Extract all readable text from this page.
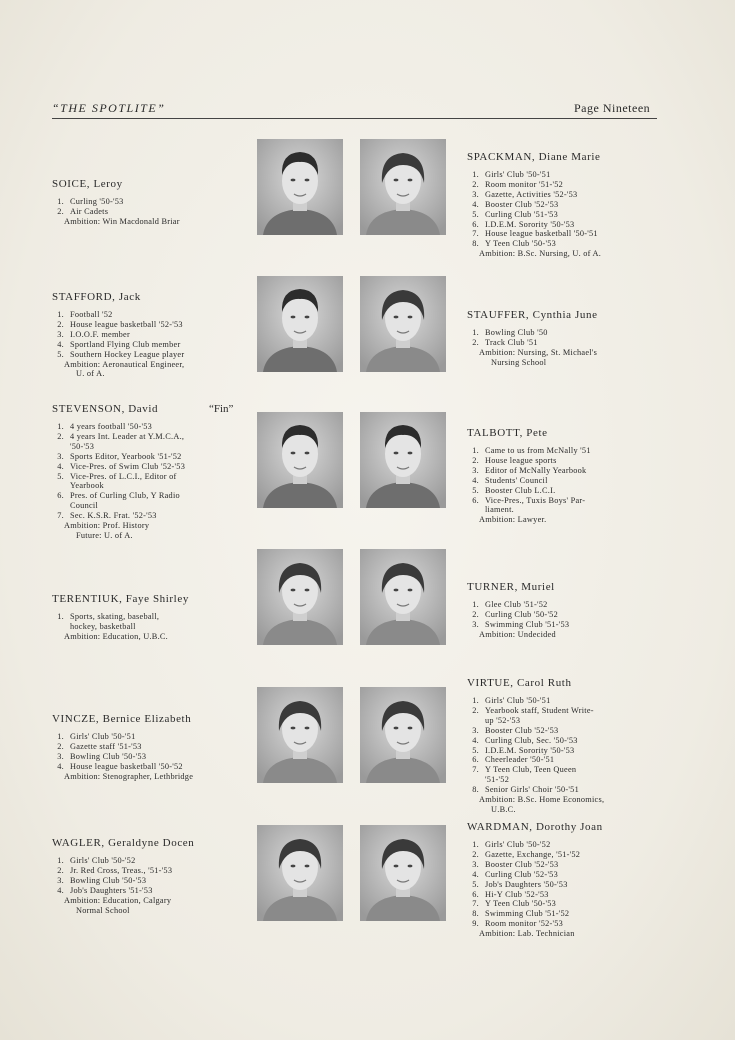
“THE SPOTLITE”	Page Nineteen
SOICE, Leroy
1. Curling '50-'53
2. Air Cadets
Ambition: Win Macdonald Briar
SPACKMAN, Diane Marie
1. Girls' Club '50-'51
2. Room monitor '51-'52
3. Gazette, Activities '52-'53
4. Booster Club '52-'53
5. Curling Club '51-'53
6. I.D.E.M. Sorority '50-'53
7. House league basketball '50-'51
8. Y Teen Club '50-'53
Ambition: B.Sc. Nursing, U. of A.
STAFFORD, Jack
1. Football '52
2. House league basketball '52-'53
3. I.O.O.F. member
4. Sportland Flying Club member
5. Southern Hockey League player
Ambition: Aeronautical Engineer,
U. of A.
STAUFFER, Cynthia June
1. Bowling Club '50
2. Track Club '51
Ambition: Nursing, St. Michael's
Nursing School
STEVENSON, David	“Fin”
1. 4 years football '50-'53
2. 4 years Int. Leader at Y.M.C.A.,
'50-'53
3. Sports Editor, Yearbook '51-'52
4. Vice-Pres. of Swim Club '52-'53
5. Vice-Pres. of L.C.I., Editor of
Yearbook
6. Pres. of Curling Club, Y Radio
Council
7. Sec. K.S.R. Frat. '52-'53
Ambition: Prof. History
Future: U. of A.
TALBOTT, Pete
1. Came to us from McNally '51
2. House league sports
3. Editor of McNally Yearbook
4. Students' Council
5. Booster Club L.C.I.
6. Vice-Pres., Tuxis Boys' Par-
liament.
Ambition: Lawyer.
TERENTIUK, Faye Shirley
1. Sports, skating, baseball,
hockey, basketball
Ambition: Education, U.B.C.
TURNER, Muriel
1. Glee Club '51-'52
2. Curling Club '50-'52
3. Swimming Club '51-'53
Ambition: Undecided
VINCZE, Bernice Elizabeth
1. Girls' Club '50-'51
2. Gazette staff '51-'53
3. Bowling Club '50-'53
4. House league basketball '50-'52
Ambition: Stenographer, Lethbridge
VIRTUE, Carol Ruth
1. Girls' Club '50-'51
2. Yearbook staff, Student Write-
up '52-'53
3. Booster Club '52-'53
4. Curling Club, Sec. '50-'53
5. I.D.E.M. Sorority '50-'53
6. Cheerleader '50-'51
7. Y Teen Club, Teen Queen
'51-'52
8. Senior Girls' Choir '50-'51
Ambition: B.Sc. Home Economics,
U.B.C.
WAGLER, Geraldyne Docen
1. Girls' Club '50-'52
2. Jr. Red Cross, Treas., '51-'53
3. Bowling Club '50-'53
4. Job's Daughters '51-'53
Ambition: Education, Calgary
Normal School
WARDMAN, Dorothy Joan
1. Girls' Club '50-'52
2. Gazette, Exchange, '51-'52
3. Booster Club '52-'53
4. Curling Club '52-'53
5. Job's Daughters '50-'53
6. Hi-Y Club '52-'53
7. Y Teen Club '50-'53
8. Swimming Club '51-'52
9. Room monitor '52-'53
Ambition: Lab. Technician
